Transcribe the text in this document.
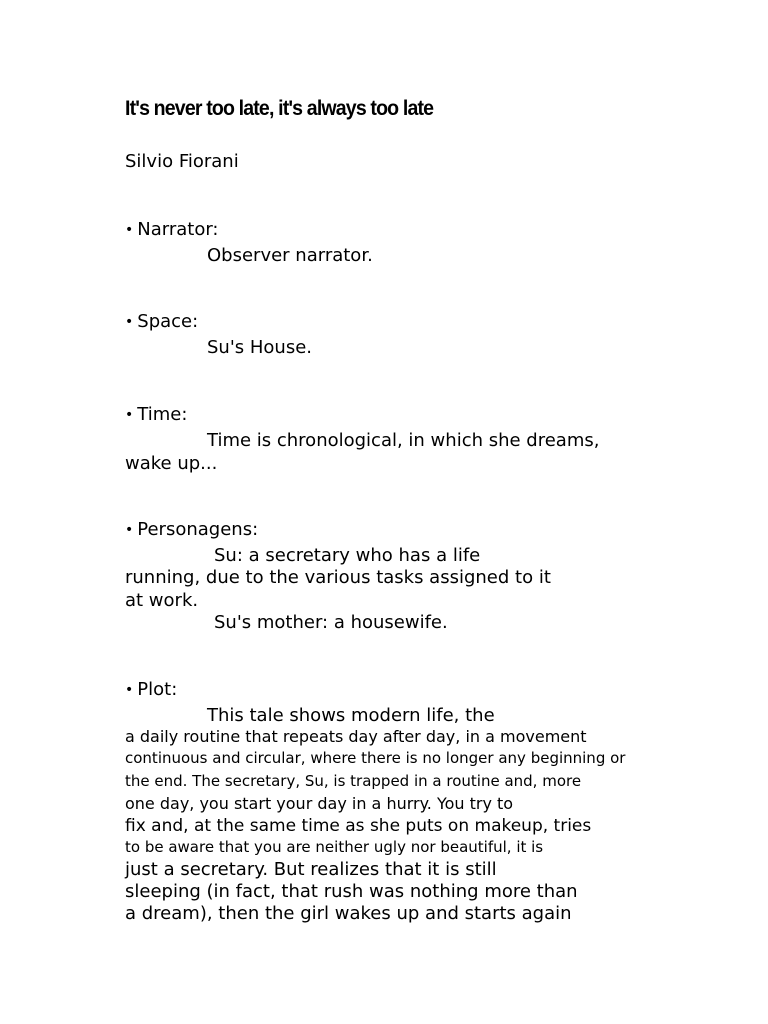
It's never too late, it's always too late
Silvio Fiorani
• Narrator:
Observer narrator.
• Space:
Su's House.
• Time:
Time is chronological, in which she dreams,
wake up...
• Personagens:
Su: a secretary who has a life
running, due to the various tasks assigned to it
at work.
Su's mother: a housewife.
• Plot:
This tale shows modern life, the
a daily routine that repeats day after day, in a movement
continuous and circular, where there is no longer any beginning or
the end. The secretary, Su, is trapped in a routine and, more
one day, you start your day in a hurry. You try to
fix and, at the same time as she puts on makeup, tries
to be aware that you are neither ugly nor beautiful, it is
just a secretary. But realizes that it is still
sleeping (in fact, that rush was nothing more than
a dream), then the girl wakes up and starts again
